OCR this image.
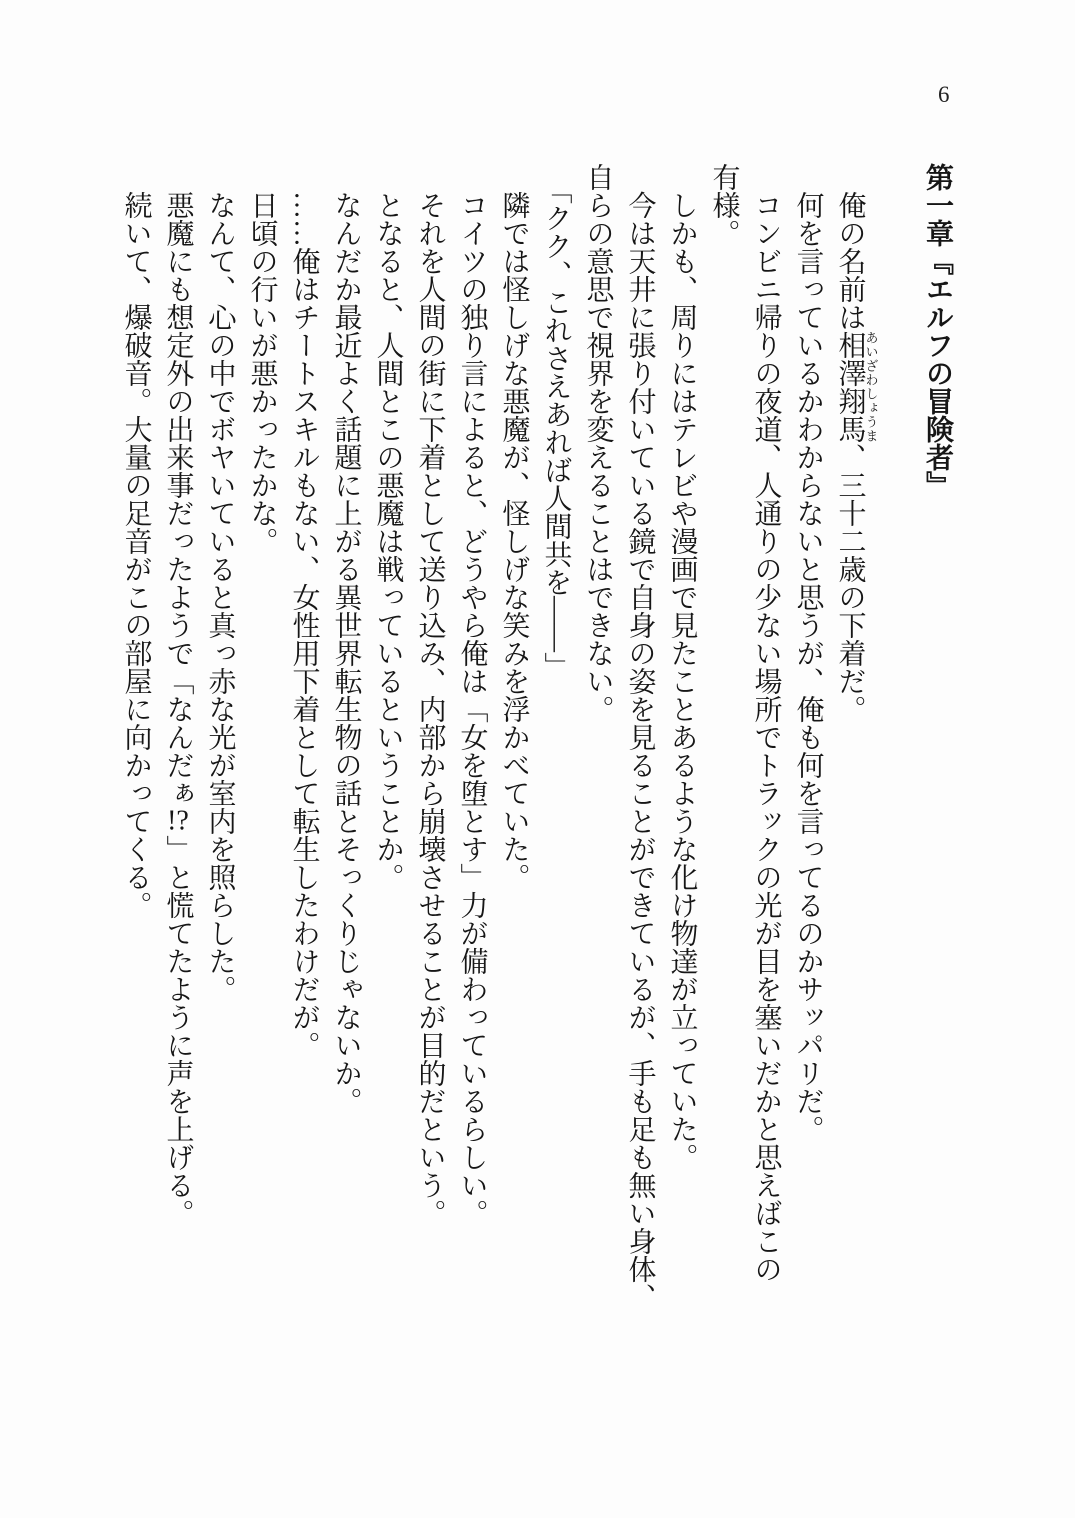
6

第一章『エルフの冒険者』

俺の名前は相澤翔馬あいざわしょうま、三十二歳の下着だ。

何を言っているかわからないと思うが、俺も何を言ってるのかサッパリだ。

コンビニ帰りの夜道、人通りの少ない場所でトラックの光が目を塞いだかと思えばこの
有様。

しかも、周りにはテレビや漫画で見たことあるような化け物達が立っていた。

今は天井に張り付いている鏡で自身の姿を見ることができているが、手も足も無い身体、
自らの意思で視界を変えることはできない。

「クク、これさえあれば人間共を――」

隣では怪しげな悪魔が、怪しげな笑みを浮かべていた。

コイツの独り言によると、どうやら俺は「女を堕とす」力が備わっているらしい。

それを人間の街に下着として送り込み、内部から崩壊させることが目的だという。

となると、人間とこの悪魔は戦っているということか。

なんだか最近よく話題に上がる異世界転生物の話とそっくりじゃないか。

……俺はチートスキルもない、女性用下着として転生したわけだが。

日頃の行いが悪かったかな。

なんて、心の中でボヤいていると真っ赤な光が室内を照らした。

悪魔にも想定外の出来事だったようで「なんだぁ!?」と慌てたように声を上げる。

続いて、爆破音。大量の足音がこの部屋に向かってくる。
